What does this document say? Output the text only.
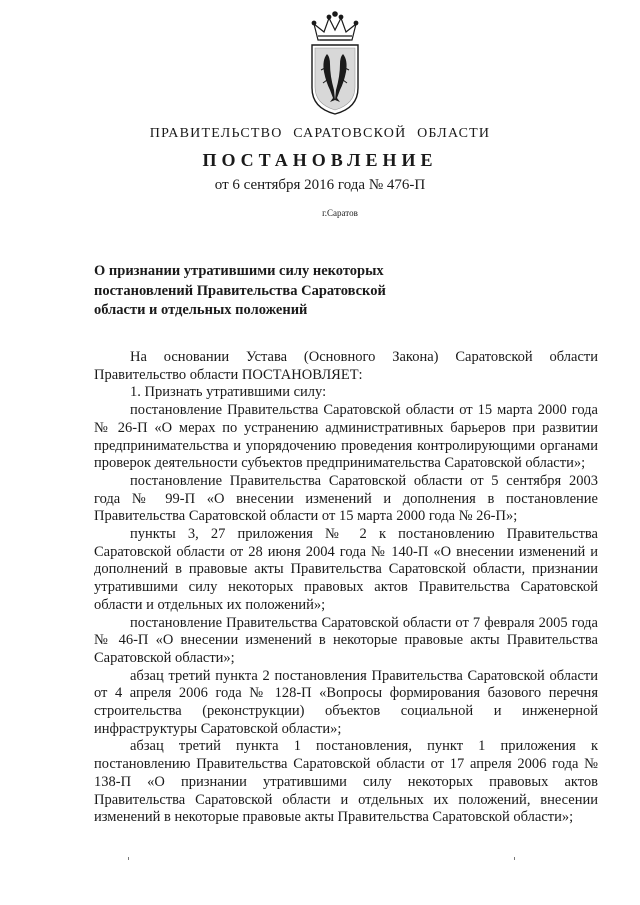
ПРАВИТЕЛЬСТВО САРАТОВСКОЙ ОБЛАСТИ
ПОСТАНОВЛЕНИЕ
от 6 сентября 2016 года № 476-П
г.Саратов
О признании утратившими силу некоторых постановлений Правительства Саратовской области и отдельных положений

На основании Устава (Основного Закона) Саратовской области Правительство области ПОСТАНОВЛЯЕТ:

1. Признать утратившими силу:

постановление Правительства Саратовской области от 15 марта 2000 года № 26-П «О мерах по устранению административных барьеров при развитии предпринимательства и упорядочению проведения контролирующими органами проверок деятельности субъектов предпринимательства Саратовской области»;

постановление Правительства Саратовской области от 5 сентября 2003 года № 99-П «О внесении изменений и дополнения в постановление Правительства Саратовской области от 15 марта 2000 года № 26-П»;

пункты 3, 27 приложения № 2 к постановлению Правительства Саратовской области от 28 июня 2004 года № 140-П «О внесении изменений и дополнений в правовые акты Правительства Саратовской области, признании утратившими силу некоторых правовых актов Правительства Саратовской области и отдельных их положений»;

постановление Правительства Саратовской области от 7 февраля 2005 года № 46-П «О внесении изменений в некоторые правовые акты Правительства Саратовской области»;

абзац третий пункта 2 постановления Правительства Саратовской области от 4 апреля 2006 года № 128-П «Вопросы формирования базового перечня строительства (реконструкции) объектов социальной и инженерной инфраструктуры Саратовской области»;

абзац третий пункта 1 постановления, пункт 1 приложения к постановлению Правительства Саратовской области от 17 апреля 2006 года № 138-П «О признании утратившими силу некоторых правовых актов Правительства Саратовской области и отдельных их положений, внесении изменений в некоторые правовые акты Правительства Саратовской области»;
